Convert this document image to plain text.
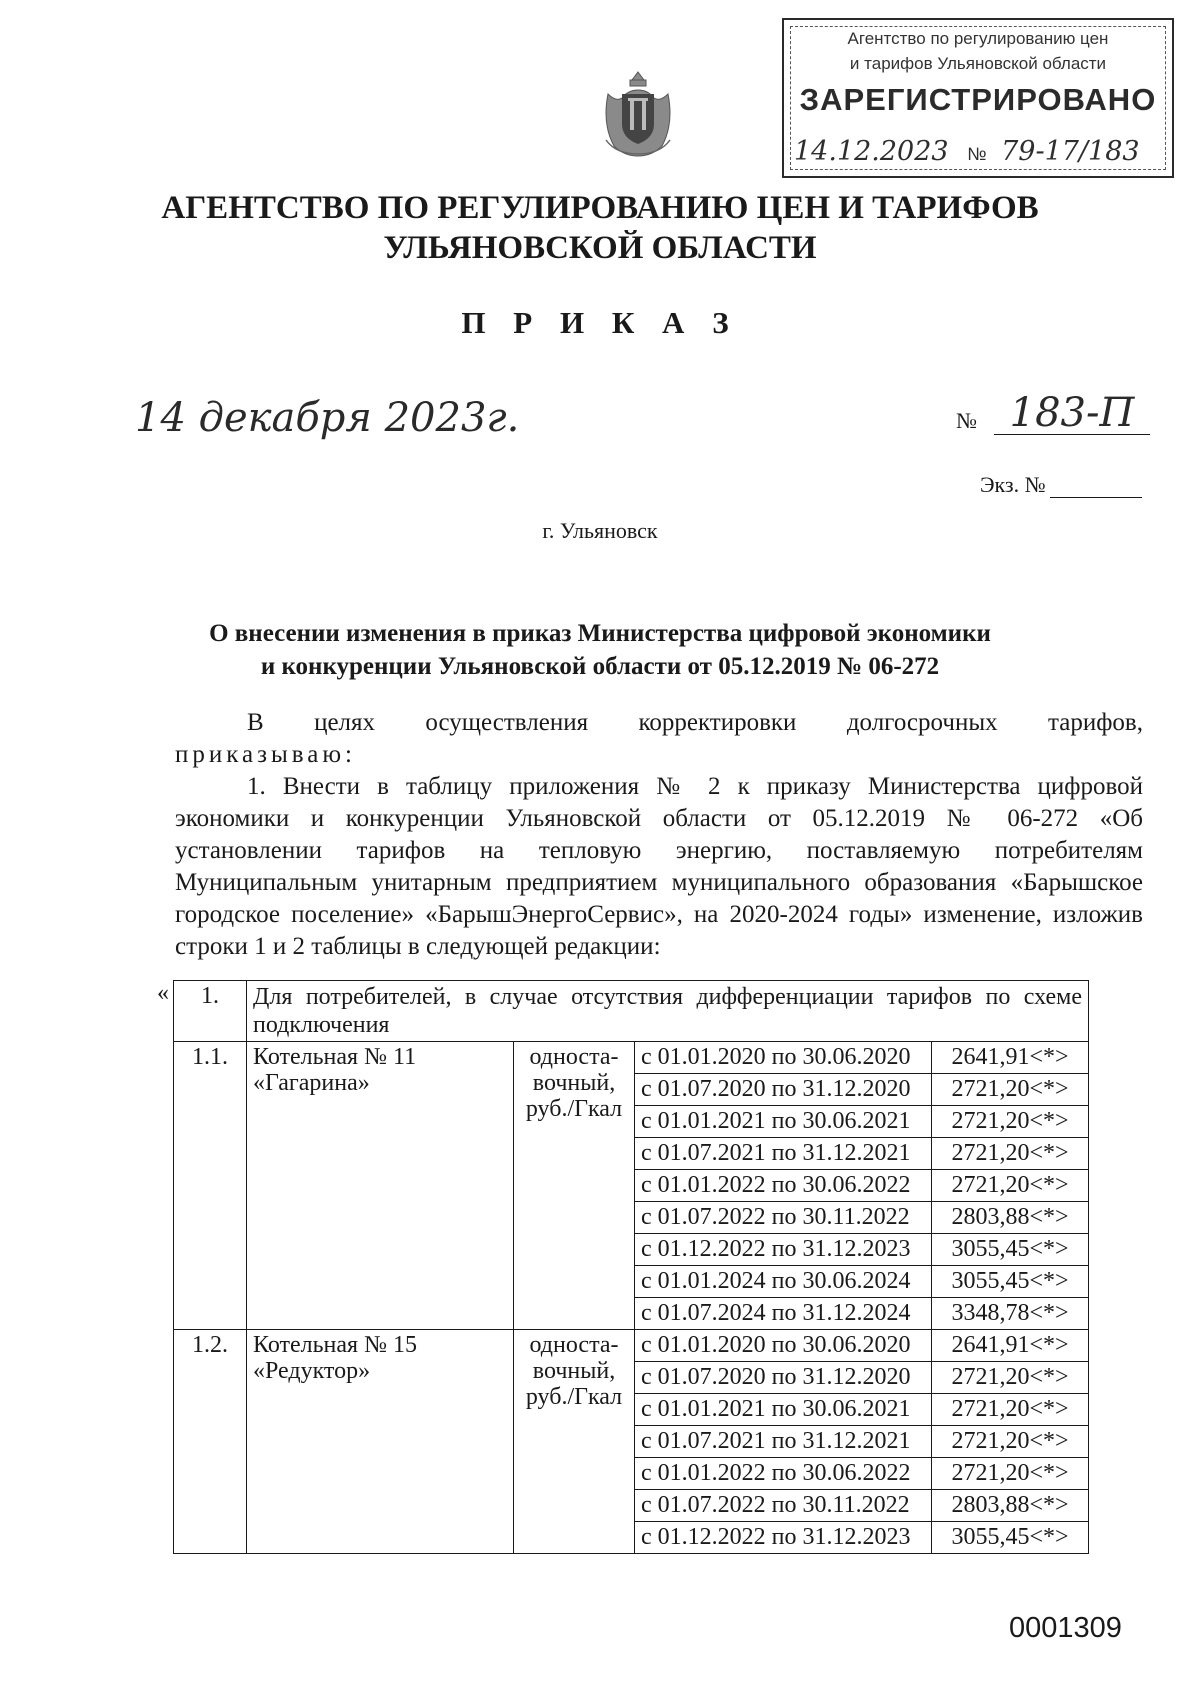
Агентство по регулированию цен
и тарифов Ульяновской области
ЗАРЕГИСТРИРОВАНО
14.12.2023 № 79-17/183
АГЕНТСТВО ПО РЕГУЛИРОВАНИЮ ЦЕН И ТАРИФОВ
УЛЬЯНОВСКОЙ ОБЛАСТИ
П Р И К А З
14 декабря 2023г.	№ 183-П
Экз. №
г. Ульяновск
О внесении изменения в приказ Министерства цифровой экономики
и конкуренции Ульяновской области от 05.12.2019 № 06-272

В целях осуществления корректировки долгосрочных тарифов,

приказываю:

1. Внести в таблицу приложения № 2 к приказу Министерства цифровой экономики и конкуренции Ульяновской области от 05.12.2019 № 06-272 «Об установлении тарифов на тепловую энергию, поставляемую потребителям Муниципальным унитарным предприятием муниципального образования «Барышское городское поселение» «БарышЭнергоСервис», на 2020-2024 годы» изменение, изложив строки 1 и 2 таблицы в следующей редакции:

« 1.	Для потребителей, в случае отсутствия дифференциации тарифов по схеме подключения			
1.1.	Котельная № 11 «Гагарина»	односта-вочный, руб./Гкал	с 01.01.2020 по 30.06.2020	2641,91<*>
			с 01.07.2020 по 31.12.2020	2721,20<*>
			с 01.01.2021 по 30.06.2021	2721,20<*>
			с 01.07.2021 по 31.12.2021	2721,20<*>
			с 01.01.2022 по 30.06.2022	2721,20<*>
			с 01.07.2022 по 30.11.2022	2803,88<*>
			с 01.12.2022 по 31.12.2023	3055,45<*>
			с 01.01.2024 по 30.06.2024	3055,45<*>
			с 01.07.2024 по 31.12.2024	3348,78<*>
1.2.	Котельная № 15 «Редуктор»	односта-вочный, руб./Гкал	с 01.01.2020 по 30.06.2020	2641,91<*>
			с 01.07.2020 по 31.12.2020	2721,20<*>
			с 01.01.2021 по 30.06.2021	2721,20<*>
			с 01.07.2021 по 31.12.2021	2721,20<*>
			с 01.01.2022 по 30.06.2022	2721,20<*>
			с 01.07.2022 по 30.11.2022	2803,88<*>
			с 01.12.2022 по 31.12.2023	3055,45<*>
0001309
